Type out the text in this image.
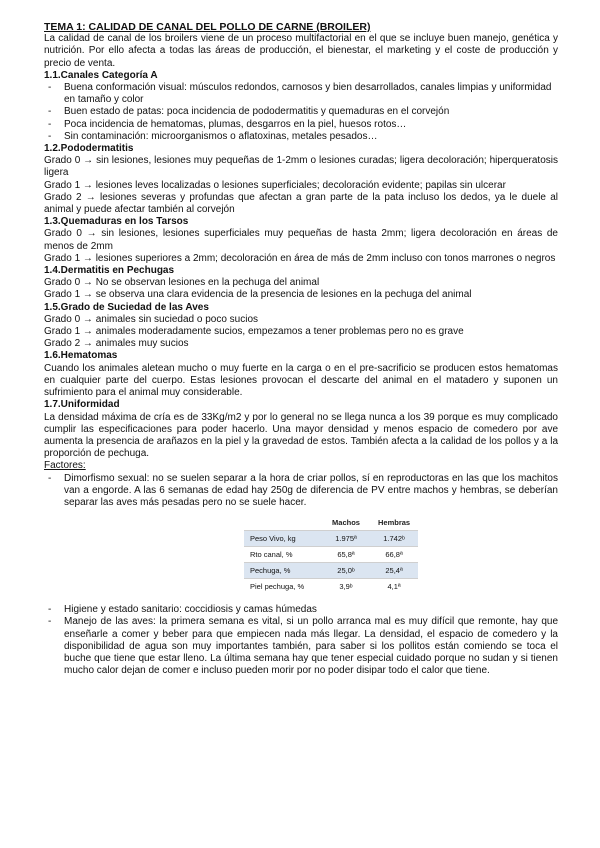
TEMA 1: CALIDAD DE CANAL DEL POLLO DE CARNE (BROILER)

La calidad de canal de los broilers viene de un proceso multifactorial en el que se incluye buen manejo, genética y nutrición. Por ello afecta a todas las áreas de producción, el bienestar, el marketing y el coste de producción y precio de venta.

1.1.Canales Categoría A

- Buena conformación visual: músculos redondos, carnosos y bien desarrollados, canales limpias y uniformidad en tamaño y color
- Buen estado de patas: poca incidencia de pododermatitis y quemaduras en el corvejón
- Poca incidencia de hematomas, plumas, desgarros en la piel, huesos rotos…
- Sin contaminación: microorganismos o aflatoxinas, metales pesados…

1.2.Pododermatitis

Grado 0 → sin lesiones, lesiones muy pequeñas de 1-2mm o lesiones curadas; ligera decoloración; hiperqueratosis ligera

Grado 1 → lesiones leves localizadas o lesiones superficiales; decoloración evidente; papilas sin ulcerar

Grado 2 → lesiones severas y profundas que afectan a gran parte de la pata incluso los dedos, ya le duele al animal y puede afectar también al corvejón

1.3.Quemaduras en los Tarsos

Grado 0 → sin lesiones, lesiones superficiales muy pequeñas de hasta 2mm; ligera decoloración en áreas de menos de 2mm

Grado 1 → lesiones superiores a 2mm; decoloración en área de más de 2mm incluso con tonos marrones o negros

1.4.Dermatitis en Pechugas

Grado 0 → No se observan lesiones en la pechuga del animal

Grado 1 → se observa una clara evidencia de la presencia de lesiones en la pechuga del animal

1.5.Grado de Suciedad de las Aves

Grado 0 → animales sin suciedad o poco sucios

Grado 1 → animales moderadamente sucios, empezamos a tener problemas pero no es grave

Grado 2 → animales muy sucios

1.6.Hematomas

Cuando los animales aletean mucho o muy fuerte en la carga o en el pre-sacrificio se producen estos hematomas en cualquier parte del cuerpo. Estas lesiones provocan el descarte del animal en el matadero y suponen un sufrimiento para el animal muy considerable.

1.7.Uniformidad

La densidad máxima de cría es de 33Kg/m2 y por lo general no se llega nunca a los 39 porque es muy complicado cumplir las especificaciones para poder hacerlo. Una mayor densidad y menos espacio de comedero por ave aumenta la presencia de arañazos en la piel y la gravedad de estos. También afecta a la calidad de los pollos y a la proporción de pechuga.

Factores:

- Dimorfismo sexual: no se suelen separar a la hora de criar pollos, sí en reproductoras en las que los machitos van a engorde. A las 6 semanas de edad hay 250g de diferencia de PV entre machos y hembras, se deberían separar las aves más pesadas pero no se suele hacer.
	Machos	Hembras
Peso Vivo, kg	1.975ª	1.742ᵇ
Rto canal, %	65,8ª	66,8ª
Pechuga, %	25,0ᵇ	25,4ª
Piel pechuga, %	3,9ᵇ	4,1ª
- Higiene y estado sanitario: coccidiosis y camas húmedas
- Manejo de las aves: la primera semana es vital, si un pollo arranca mal es muy difícil que remonte, hay que enseñarle a comer y beber para que empiecen nada más llegar. La densidad, el espacio de comedero y la disponibilidad de agua son muy importantes también, para saber si los pollitos están comiendo se toca el buche que tiene que estar lleno. La última semana hay que tener especial cuidado porque no sudan y si tienen mucho calor dejan de comer e incluso pueden morir por no poder disipar todo el calor que tiene.
